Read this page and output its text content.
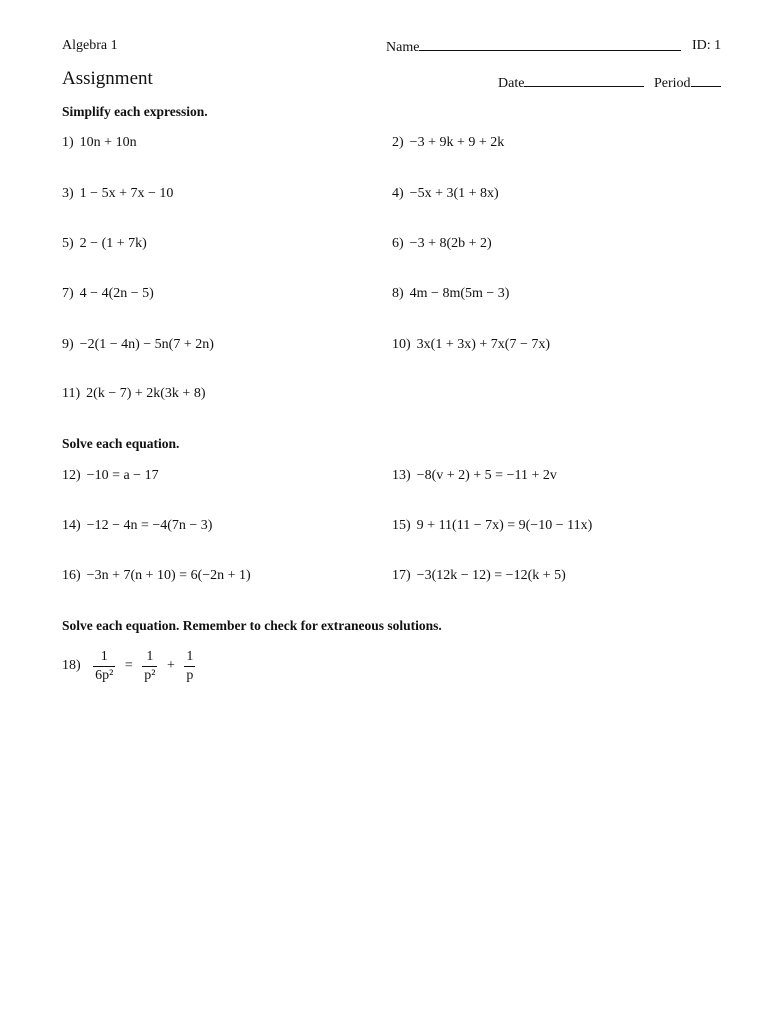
Algebra 1	Name	ID: 1
Assignment	Date	Period
Simplify each expression.
1) 10n + 10n	2) −3 + 9k + 9 + 2k
3) 1 − 5x + 7x − 10	4) −5x + 3(1 + 8x)
5) 2 − (1 + 7k)	6) −3 + 8(2b + 2)
7) 4 − 4(2n − 5)	8) 4m − 8m(5m − 3)
9) −2(1 − 4n) − 5n(7 + 2n)	10) 3x(1 + 3x) + 7x(7 − 7x)
11) 2(k − 7) + 2k(3k + 8)
Solve each equation.
12) −10 = a − 17	13) −8(v + 2) + 5 = −11 + 2v
14) −12 − 4n = −4(7n − 3)	15) 9 + 11(11 − 7x) = 9(−10 − 11x)
16) −3n + 7(n + 10) = 6(−2n + 1)	17) −3(12k − 12) = −12(k + 5)
Solve each equation. Remember to check for extraneous solutions.
$18) \frac{1}{\text{6p²}} = \frac{1}{\text{p²}} + \frac{1}{p}$
